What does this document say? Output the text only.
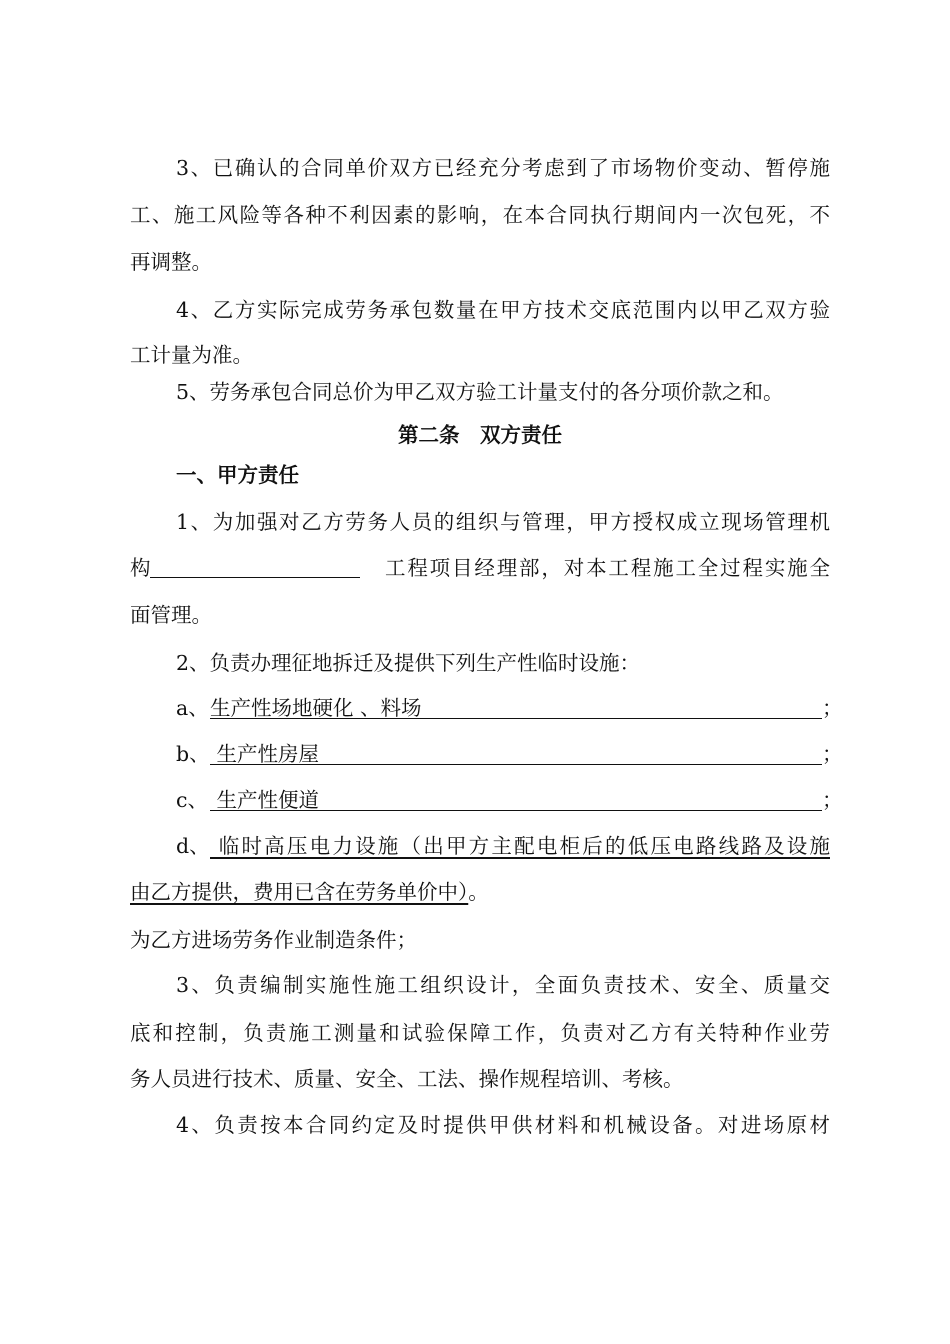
3、已确认的合同单价双方已经充分考虑到了市场物价变动、暂停施
工、施工风险等各种不利因素的影响，在本合同执行期间内一次包死，不
再调整。
4、乙方实际完成劳务承包数量在甲方技术交底范围内以甲乙双方验
工计量为准。
5、劳务承包合同总价为甲乙双方验工计量支付的各分项价款之和。
第二条　双方责任
一、甲方责任
1、为加强对乙方劳务人员的组织与管理，甲方授权成立现场管理机
构	工程项目经理部，对本工程施工全过程实施全
面管理。
2、负责办理征地拆迁及提供下列生产性临时设施：
a、 生产性场地硬化 、料场	；
b、 生产性房屋	；
c、 生产性便道	；
d、 临时高压电力设施（出甲方主配电柜后的低压电路线路及设施
由乙方提供，费用已含在劳务单价中）。
为乙方进场劳务作业制造条件；
3、负责编制实施性施工组织设计，全面负责技术、安全、质量交
底和控制，负责施工测量和试验保障工作，负责对乙方有关特种作业劳
务人员进行技术、质量、安全、工法、操作规程培训、考核。
4、负责按本合同约定及时提供甲供材料和机械设备。对进场原材
